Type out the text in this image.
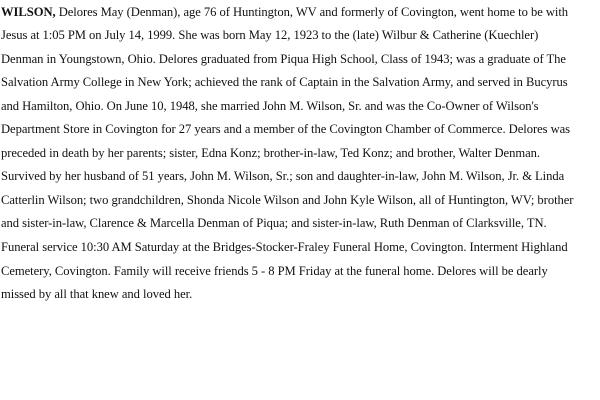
WILSON, Delores May (Denman), age 76 of Huntington, WV and formerly of Covington, went home to be with
Jesus at 1:05 PM on July 14, 1999. She was born May 12, 1923 to the (late) Wilbur & Catherine (Kuechler)
Denman in Youngstown, Ohio. Delores graduated from Piqua High School, Class of 1943; was a graduate of The
Salvation Army College in New York; achieved the rank of Captain in the Salvation Army, and served in Bucyrus
and Hamilton, Ohio. On June 10, 1948, she married John M. Wilson, Sr. and was the Co-Owner of Wilson's
Department Store in Covington for 27 years and a member of the Covington Chamber of Commerce. Delores was
preceded in death by her parents; sister, Edna Konz; brother-in-law, Ted Konz; and brother, Walter Denman.
Survived by her husband of 51 years, John M. Wilson, Sr.; son and daughter-in-law, John M. Wilson, Jr. & Linda
Catterlin Wilson; two grandchildren, Shonda Nicole Wilson and John Kyle Wilson, all of Huntington, WV; brother
and sister-in-law, Clarence & Marcella Denman of Piqua; and sister-in-law, Ruth Denman of Clarksville, TN.
Funeral service 10:30 AM Saturday at the Bridges-Stocker-Fraley Funeral Home, Covington. Interment Highland
Cemetery, Covington. Family will receive friends 5 - 8 PM Friday at the funeral home. Delores will be dearly
missed by all that knew and loved her.
